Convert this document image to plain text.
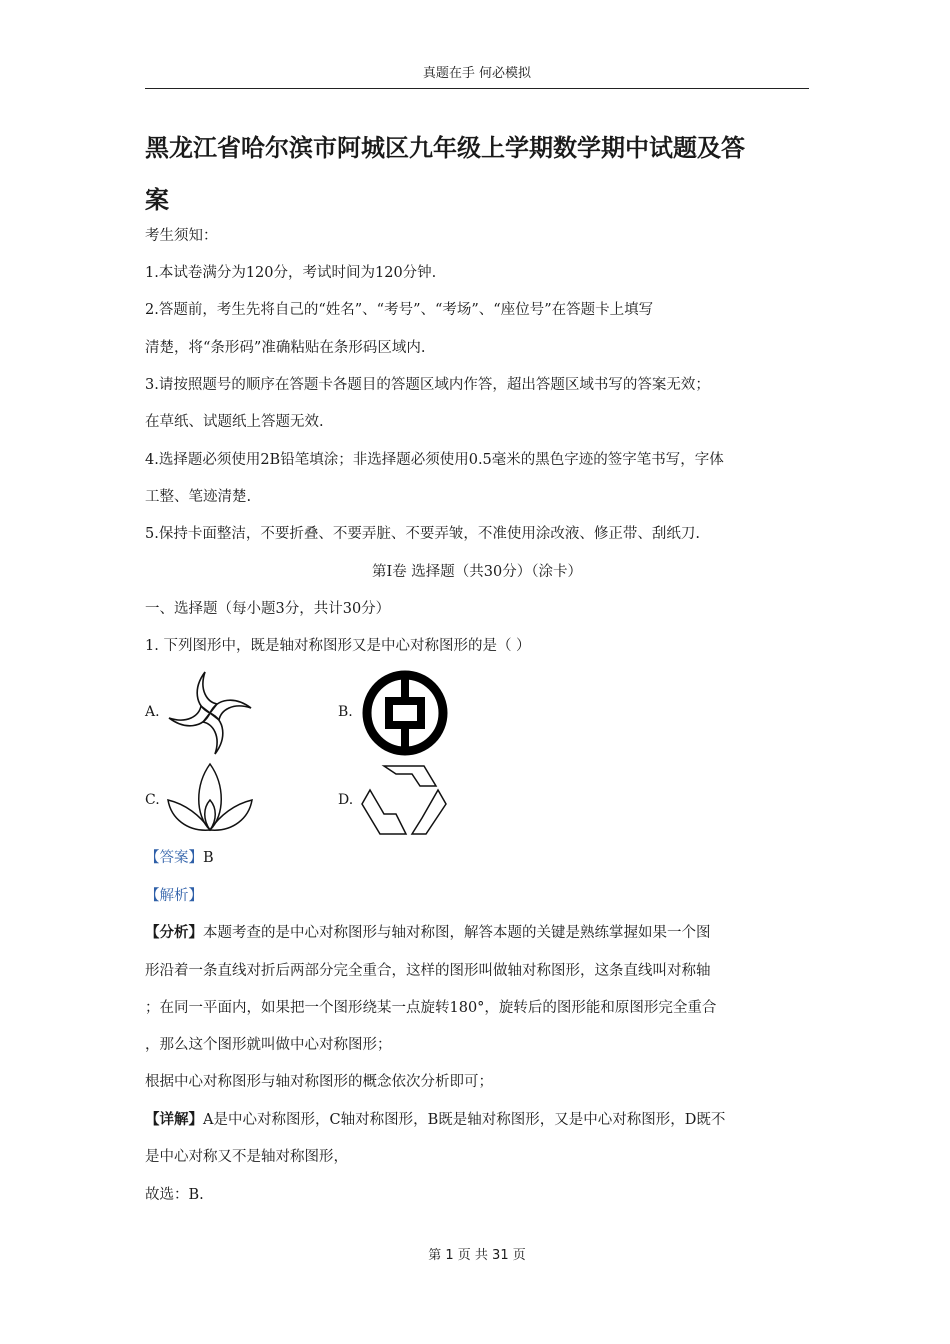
真题在手 何必模拟
黑龙江省哈尔滨市阿城区九年级上学期数学期中试题及答
案
考生须知：
1.本试卷满分为120分，考试时间为120分钟.
2.答题前，考生先将自己的“姓名”、“考号”、“考场”、“座位号”在答题卡上填写
清楚，将“条形码”准确粘贴在条形码区域内.
3.请按照题号的顺序在答题卡各题目的答题区域内作答，超出答题区域书写的答案无效；
在草纸、试题纸上答题无效.
4.选择题必须使用2B铅笔填涂；非选择题必须使用0.5毫米的黑色字迹的签字笔书写，字体
工整、笔迹清楚.
5.保持卡面整洁，不要折叠、不要弄脏、不要弄皱，不准使用涂改液、修正带、刮纸刀.
第Ⅰ卷 选择题（共30分）（涂卡）
一、选择题（每小题3分，共计30分）
1. 下列图形中，既是轴对称图形又是中心对称图形的是（ ）
A.	B.
C.	D.
【答案】B
【解析】
【分析】本题考查的是中心对称图形与轴对称图，解答本题的关键是熟练掌握如果一个图
形沿着一条直线对折后两部分完全重合，这样的图形叫做轴对称图形，这条直线叫对称轴
；在同一平面内，如果把一个图形绕某一点旋转180°，旋转后的图形能和原图形完全重合
，那么这个图形就叫做中心对称图形；
根据中心对称图形与轴对称图形的概念依次分析即可；
【详解】A是中心对称图形，C轴对称图形，B既是轴对称图形，又是中心对称图形，D既不
是中心对称又不是轴对称图形，
故选：B.
第 1 页 共 31 页
